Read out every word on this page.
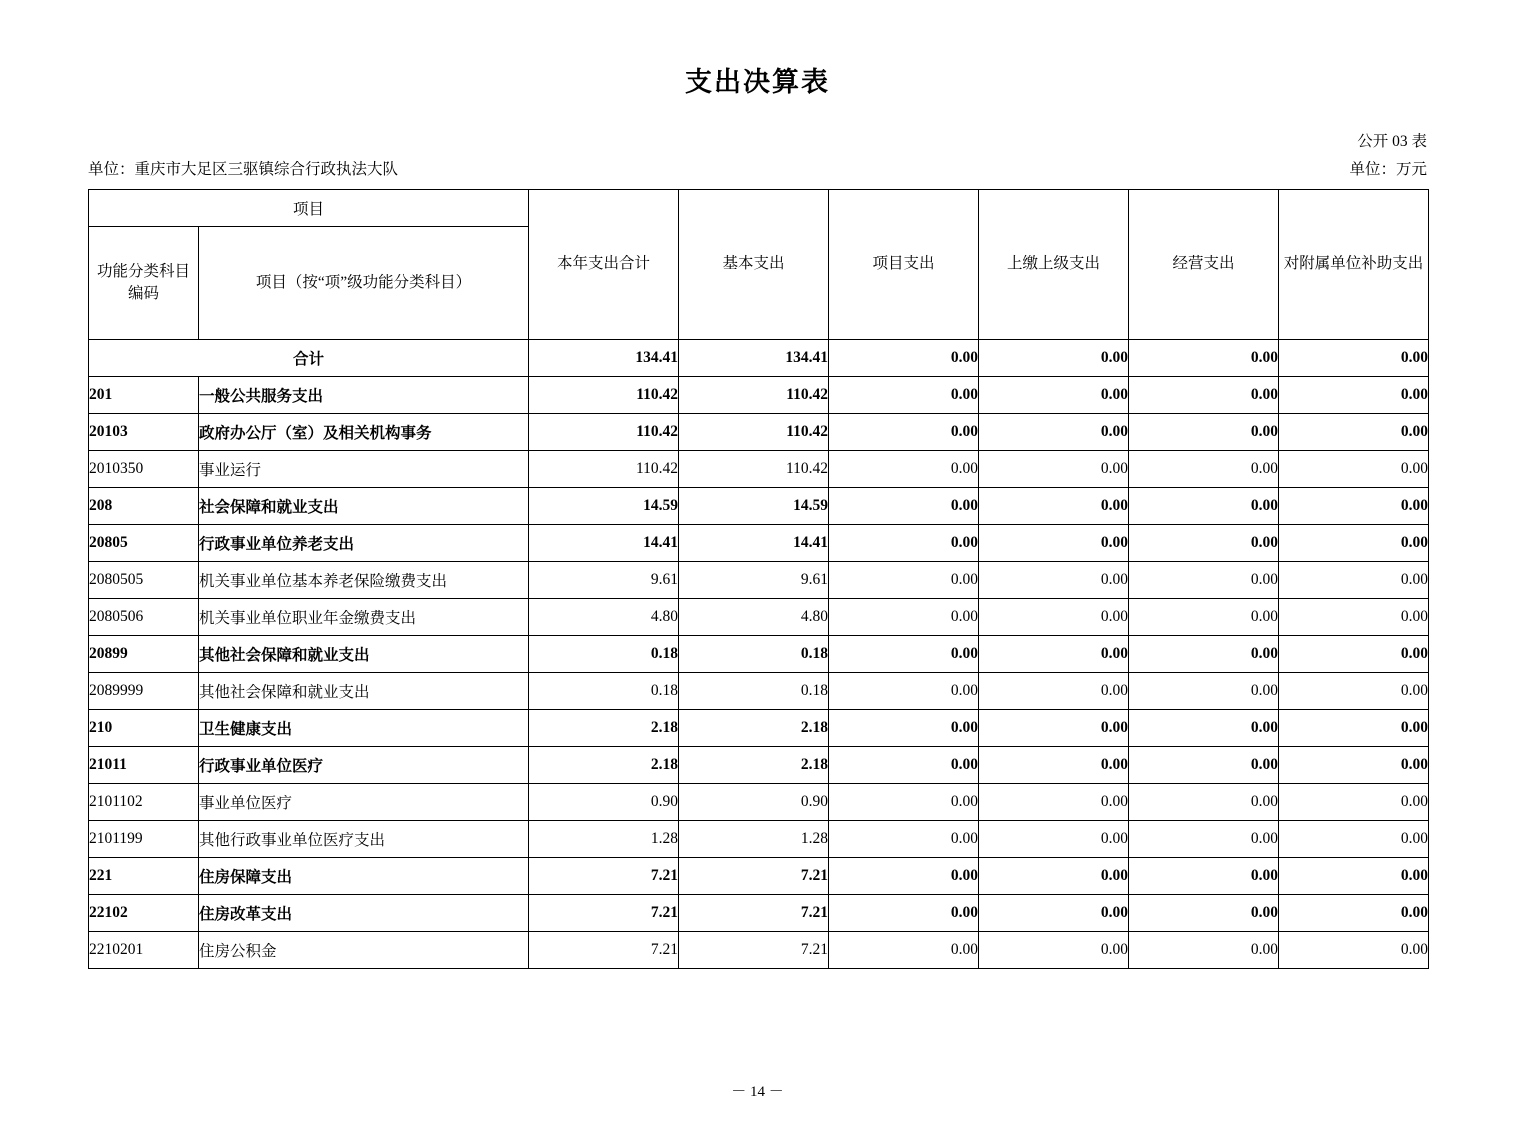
支出决算表
公开 03 表
单位：重庆市大足区三驱镇综合行政执法大队	单位：万元
项目		本年支出合计	基本支出	项目支出	上缴上级支出	经营支出	对附属单位补助支出

功能分类科目
编码	项目（按“项”级功能分类科目）						
合计		134.41	134.41	0.00	0.00	0.00	0.00
201	一般公共服务支出	110.42	110.42	0.00	0.00	0.00	0.00
20103	政府办公厅（室）及相关机构事务	110.42	110.42	0.00	0.00	0.00	0.00
2010350	事业运行	110.42	110.42	0.00	0.00	0.00	0.00
208	社会保障和就业支出	14.59	14.59	0.00	0.00	0.00	0.00
20805	行政事业单位养老支出	14.41	14.41	0.00	0.00	0.00	0.00
2080505	机关事业单位基本养老保险缴费支出	9.61	9.61	0.00	0.00	0.00	0.00
2080506	机关事业单位职业年金缴费支出	4.80	4.80	0.00	0.00	0.00	0.00
20899	其他社会保障和就业支出	0.18	0.18	0.00	0.00	0.00	0.00
2089999	其他社会保障和就业支出	0.18	0.18	0.00	0.00	0.00	0.00
210	卫生健康支出	2.18	2.18	0.00	0.00	0.00	0.00
21011	行政事业单位医疗	2.18	2.18	0.00	0.00	0.00	0.00
2101102	事业单位医疗	0.90	0.90	0.00	0.00	0.00	0.00
2101199	其他行政事业单位医疗支出	1.28	1.28	0.00	0.00	0.00	0.00
221	住房保障支出	7.21	7.21	0.00	0.00	0.00	0.00
22102	住房改革支出	7.21	7.21	0.00	0.00	0.00	0.00
2210201	住房公积金	7.21	7.21	0.00	0.00	0.00	0.00
－ 14 －
